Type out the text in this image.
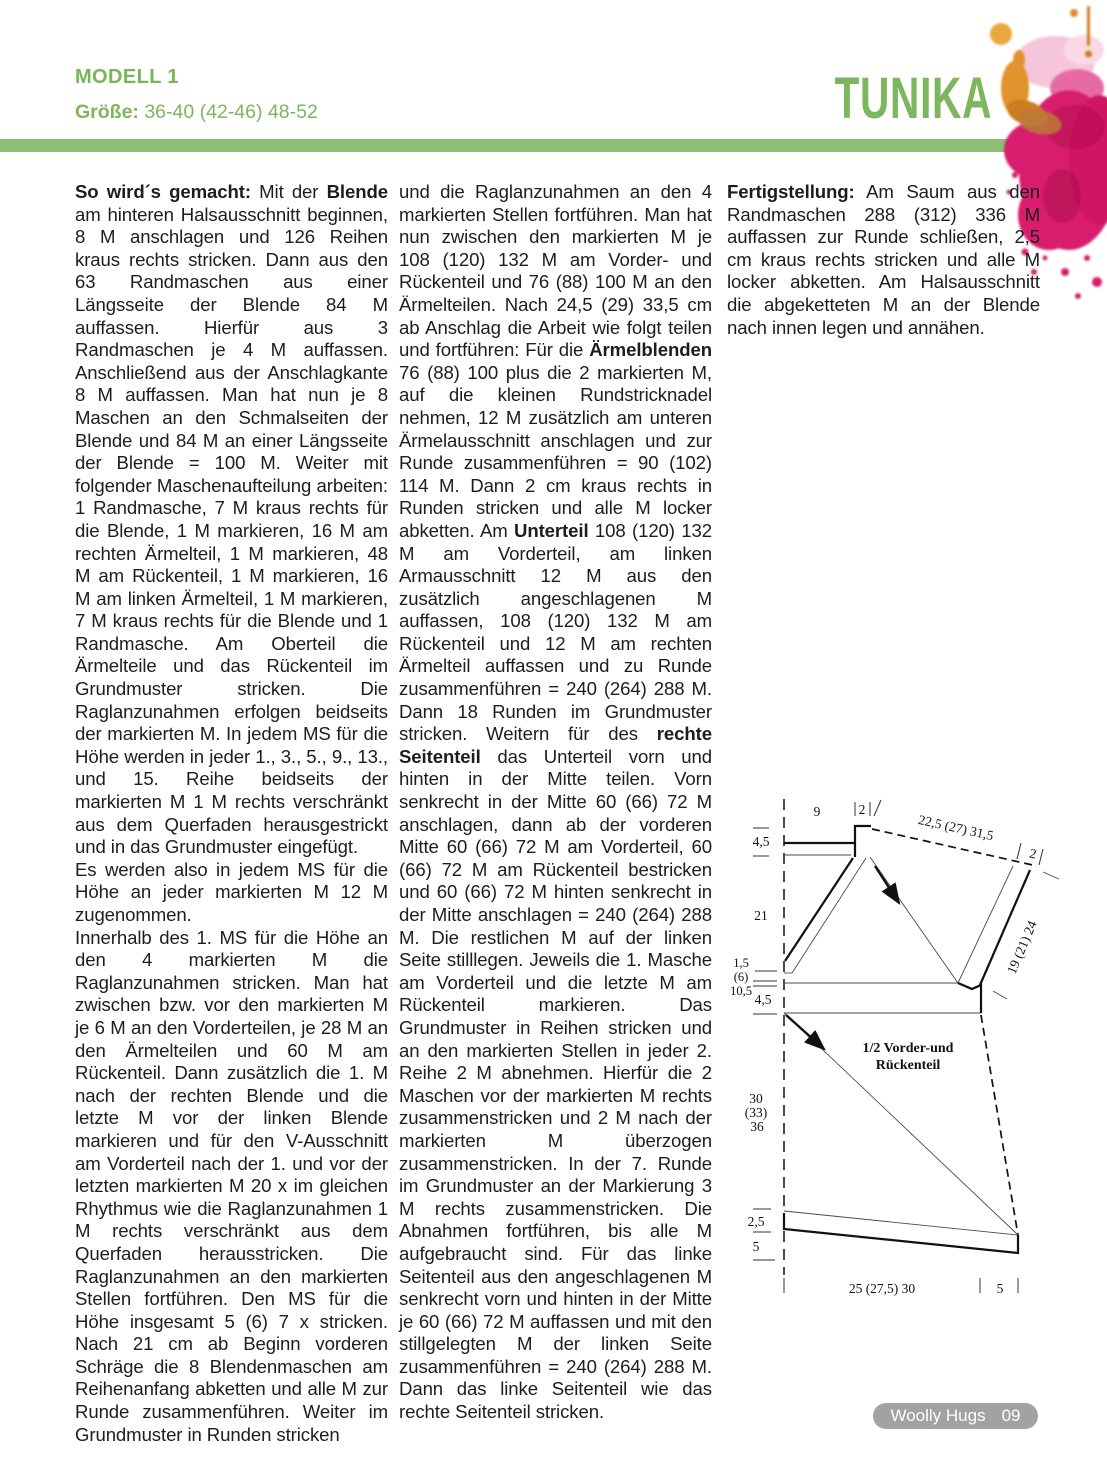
MODELL 1
Größe: 36-40 (42-46) 48-52	TUNIKA

So wird´s gemacht: Mit der Blende am hinteren Halsausschnitt beginnen, 8 M anschlagen und 126 Reihen kraus rechts stricken. Dann aus den 63 Randmaschen aus einer Längsseite der Blende 84 M auffassen. Hierfür aus 3 Randmaschen je 4 M auffassen. Anschließend aus der Anschlagkante 8 M auffassen. Man hat nun je 8 Maschen an den Schmalseiten der Blende und 84 M an einer Längsseite der Blende = 100 M. Weiter mit folgender Maschenaufteilung arbeiten: 1 Randmasche, 7 M kraus rechts für die Blende, 1 M markieren, 16 M am rechten Ärmelteil, 1 M markieren, 48 M am Rückenteil, 1 M markieren, 16 M am linken Ärmelteil, 1 M markieren, 7 M kraus rechts für die Blende und 1 Randmasche. Am Oberteil die Ärmelteile und das Rückenteil im Grundmuster stricken. Die Raglanzunahmen erfolgen beidseits der markierten M. In jedem MS für die Höhe werden in jeder 1., 3., 5., 9., 13., und 15. Reihe beidseits der markierten M 1 M rechts verschränkt aus dem Querfaden herausgestrickt und in das Grundmuster eingefügt.

Es werden also in jedem MS für die Höhe an jeder markierten M 12 M zugenommen.

Innerhalb des 1. MS für die Höhe an den 4 markierten M die Raglanzunahmen stricken. Man hat zwischen bzw. vor den markierten M je 6 M an den Vorderteilen, je 28 M an den Ärmelteilen und 60 M am Rückenteil. Dann zusätzlich die 1. M nach der rechten Blende und die letzte M vor der linken Blende markieren und für den V-Ausschnitt am Vorderteil nach der 1. und vor der letzten markierten M 20 x im gleichen Rhythmus wie die Raglanzunahmen 1 M rechts verschränkt aus dem Querfaden herausstricken. Die Raglanzunahmen an den markierten Stellen fortführen. Den MS für die Höhe insgesamt 5 (6) 7 x stricken. Nach 21 cm ab Beginn vorderen Schräge die 8 Blendenmaschen am Reihenanfang abketten und alle M zur Runde zusammenführen. Weiter im Grundmuster in Runden stricken

und die Raglanzunahmen an den 4 markierten Stellen fortführen. Man hat nun zwischen den markierten M je 108 (120) 132 M am Vorder- und Rückenteil und 76 (88) 100 M an den Ärmelteilen. Nach 24,5 (29) 33,5 cm ab Anschlag die Arbeit wie folgt teilen und fortführen: Für die Ärmelblenden 76 (88) 100 plus die 2 markierten M, auf die kleinen Rundstricknadel nehmen, 12 M zusätzlich am unteren Ärmelausschnitt anschlagen und zur Runde zusammenführen = 90 (102) 114 M. Dann 2 cm kraus rechts in Runden stricken und alle M locker abketten. Am Unterteil 108 (120) 132 M am Vorderteil, am linken Armausschnitt 12 M aus den zusätzlich angeschlagenen M auffassen, 108 (120) 132 M am Rückenteil und 12 M am rechten Ärmelteil auffassen und zu Runde zusammenführen = 240 (264) 288 M. Dann 18 Runden im Grundmuster stricken. Weitern für des rechte Seitenteil das Unterteil vorn und hinten in der Mitte teilen. Vorn senkrecht in der Mitte 60 (66) 72 M anschlagen, dann ab der vorderen Mitte 60 (66) 72 M am Vorderteil, 60 (66) 72 M am Rückenteil bestricken und 60 (66) 72 M hinten senkrecht in der Mitte anschlagen = 240 (264) 288 M. Die restlichen M auf der linken Seite stilllegen. Jeweils die 1. Masche am Vorderteil und die letzte M am Rückenteil markieren. Das Grundmuster in Reihen stricken und an den markierten Stellen in jeder 2. Reihe 2 M abnehmen. Hierfür die 2 Maschen vor der markierten M rechts zusammenstricken und 2 M nach der markierten M überzogen zusammenstricken. In der 7. Runde im Grundmuster an der Markierung 3 M rechts zusammenstricken. Die Abnahmen fortführen, bis alle M aufgebraucht sind. Für das linke Seitenteil aus den angeschlagenen M senkrecht vorn und hinten in der Mitte je 60 (66) 72 M auffassen und mit den stillgelegten M der linken Seite zusammenführen = 240 (264) 288 M. Dann das linke Seitenteil wie das rechte Seitenteil stricken.

Fertigstellung: Am Saum aus den Randmaschen 288 (312) 336 M auffassen zur Runde schließen, 2,5 cm kraus rechts stricken und alle M locker abketten. Am Halsausschnitt die abgeketteten M an der Blende nach innen legen und annähen.

9	2
22,5 (27) 31,5
2
4,5
21
1,5
(6)
10,5
4,5
30
(33)
36
2,5
5
25 (27,5) 30	5
19 (21) 24
1/2 Vorder-und
Rückenteil
Woolly Hugs 09
